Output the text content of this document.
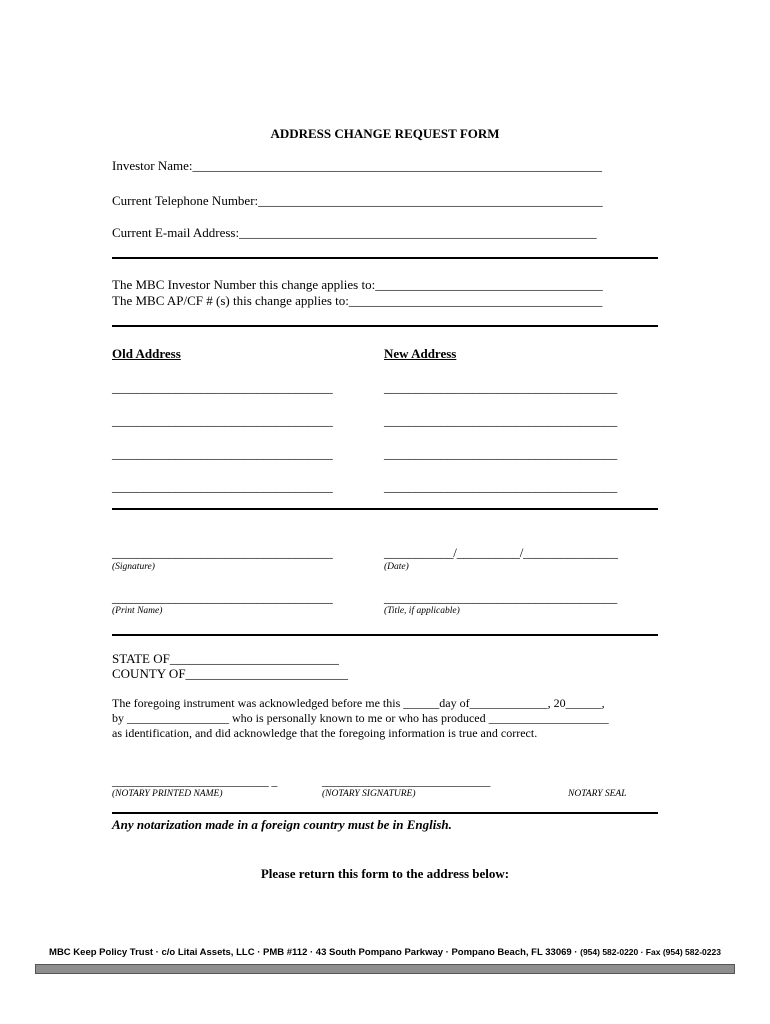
ADDRESS CHANGE REQUEST FORM
Investor Name:_______________________________________________________________
Current Telephone Number:_____________________________________________________
Current E-mail Address:_______________________________________________________
The MBC Investor Number this change applies to:___________________________________
The MBC AP/CF # (s) this change applies to:_______________________________________
Old Address	New Address
___________________________________
___________________________________
___________________________________
___________________________________
_____________________________________
_____________________________________
_____________________________________
_____________________________________
___________________________________
(Signature)
___________/__________/_______________
(Date)
___________________________________
(Print Name)
_____________________________________
(Title, if applicable)
STATE OF__________________________
COUNTY OF_________________________
The foregoing instrument was acknowledged before me this ______day of_____________, 20______,
by _________________ who is personally known to me or who has produced ____________________
as identification, and did acknowledge that the foregoing information is true and correct.
___________________________ _
(NOTARY PRINTED NAME)
_____________________________
(NOTARY SIGNATURE)	NOTARY SEAL
Any notarization made in a foreign country must be in English.
Please return this form to the address below:
MBC Keep Policy Trust · c/o Litai Assets, LLC · PMB #112 · 43 South Pompano Parkway · Pompano Beach, FL 33069 · (954) 582-0220 · Fax (954) 582-0223
